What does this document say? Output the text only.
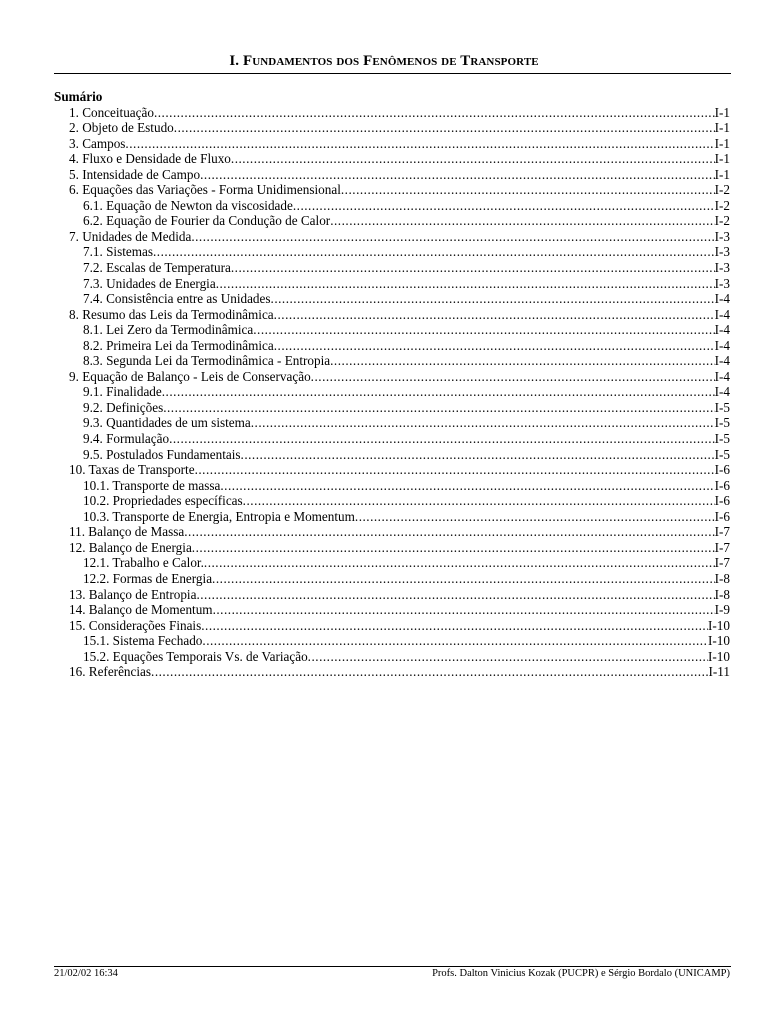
I. Fundamentos dos Fenômenos de Transporte
Sumário
1. Conceituação .....	I-1
2. Objeto de Estudo .....	I-1
3. Campos .....	I-1
4. Fluxo e Densidade de Fluxo .....	I-1
5. Intensidade de Campo .....	I-1
6. Equações das Variações - Forma Unidimensional .....	I-2
6.1. Equação de Newton da viscosidade .....	I-2
6.2. Equação de Fourier da Condução de Calor .....	I-2
7. Unidades de Medida .....	I-3
7.1. Sistemas .....	I-3
7.2. Escalas de Temperatura .....	I-3
7.3. Unidades de Energia .....	I-3
7.4. Consistência entre as Unidades .....	I-4
8. Resumo das Leis da Termodinâmica .....	I-4
8.1. Lei Zero da Termodinâmica .....	I-4
8.2. Primeira Lei da Termodinâmica .....	I-4
8.3. Segunda Lei da Termodinâmica - Entropia .....	I-4
9. Equação de Balanço - Leis de Conservação .....	I-4
9.1. Finalidade .....	I-4
9.2. Definições .....	I-5
9.3. Quantidades de um sistema .....	I-5
9.4. Formulação .....	I-5
9.5. Postulados Fundamentais .....	I-5
10. Taxas de Transporte .....	I-6
10.1. Transporte de massa .....	I-6
10.2. Propriedades específicas .....	I-6
10.3. Transporte de Energia, Entropia e Momentum .....	I-6
11. Balanço de Massa .....	I-7
12. Balanço de Energia .....	I-7
12.1. Trabalho e Calor. .....	I-7
12.2. Formas de Energia .....	I-8
13. Balanço de Entropia .....	I-8
14. Balanço de Momentum .....	I-9
15. Considerações Finais .....	I-10
15.1. Sistema Fechado .....	I-10
15.2. Equações Temporais Vs. de Variação .....	I-10
16. Referências .....	I-11
21/02/02 16:34	Profs. Dalton Vinicius Kozak (PUCPR) e Sérgio Bordalo (UNICAMP)
